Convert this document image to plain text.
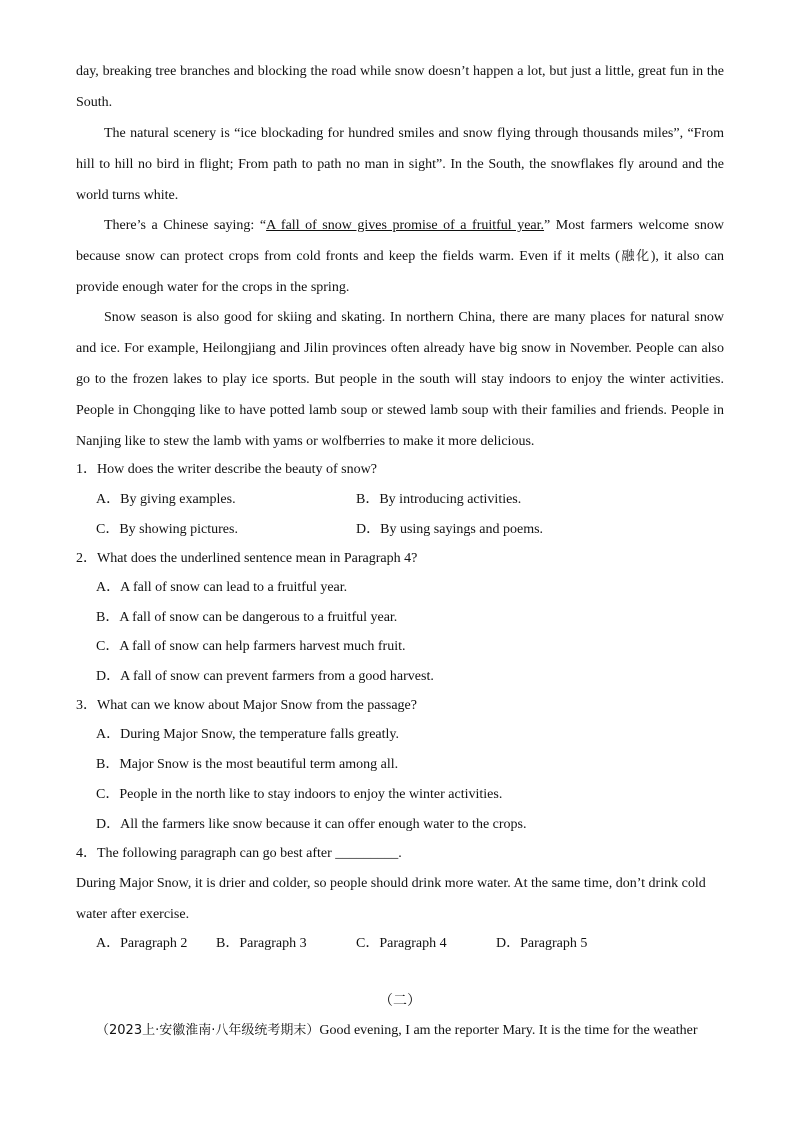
day, breaking tree branches and blocking the road while snow doesn’t happen a lot, but just a little, great fun in the South.

The natural scenery is “ice blockading for hundred smiles and snow flying through thousands miles”, “From hill to hill no bird in flight; From path to path no man in sight”. In the South, the snowflakes fly around and the world turns white.

There’s a Chinese saying: “A fall of snow gives promise of a fruitful year.” Most farmers welcome snow because snow can protect crops from cold fronts and keep the fields warm. Even if it melts (融化), it also can provide enough water for the crops in the spring.

Snow season is also good for skiing and skating. In northern China, there are many places for natural snow and ice. For example, Heilongjiang and Jilin provinces often already have big snow in November. People can also go to the frozen lakes to play ice sports. But people in the south will stay indoors to enjoy the winter activities. People in Chongqing like to have potted lamb soup or stewed lamb soup with their families and friends. People in Nanjing like to stew the lamb with yams or wolfberries to make it more delicious.

1．How does the writer describe the beauty of snow?

A．By giving examples.	B．By introducing activities.

C．By showing pictures.	D．By using sayings and poems.

2．What does the underlined sentence mean in Paragraph 4?

A．A fall of snow can lead to a fruitful year.

B．A fall of snow can be dangerous to a fruitful year.

C．A fall of snow can help farmers harvest much fruit.

D．A fall of snow can prevent farmers from a good harvest.

3．What can we know about Major Snow from the passage?

A．During Major Snow, the temperature falls greatly.

B．Major Snow is the most beautiful term among all.

C．People in the north like to stay indoors to enjoy the winter activities.

D．All the farmers like snow because it can offer enough water to the crops.

4．The following paragraph can go best after _________.

During Major Snow, it is drier and colder, so people should drink more water. At the same time, don’t drink cold

water after exercise.

A．Paragraph 2 B．Paragraph 3	C．Paragraph 4	D．Paragraph 5

（二）

（2023上·安徽淮南·八年级统考期末）Good evening, I am the reporter Mary. It is the time for the weather
